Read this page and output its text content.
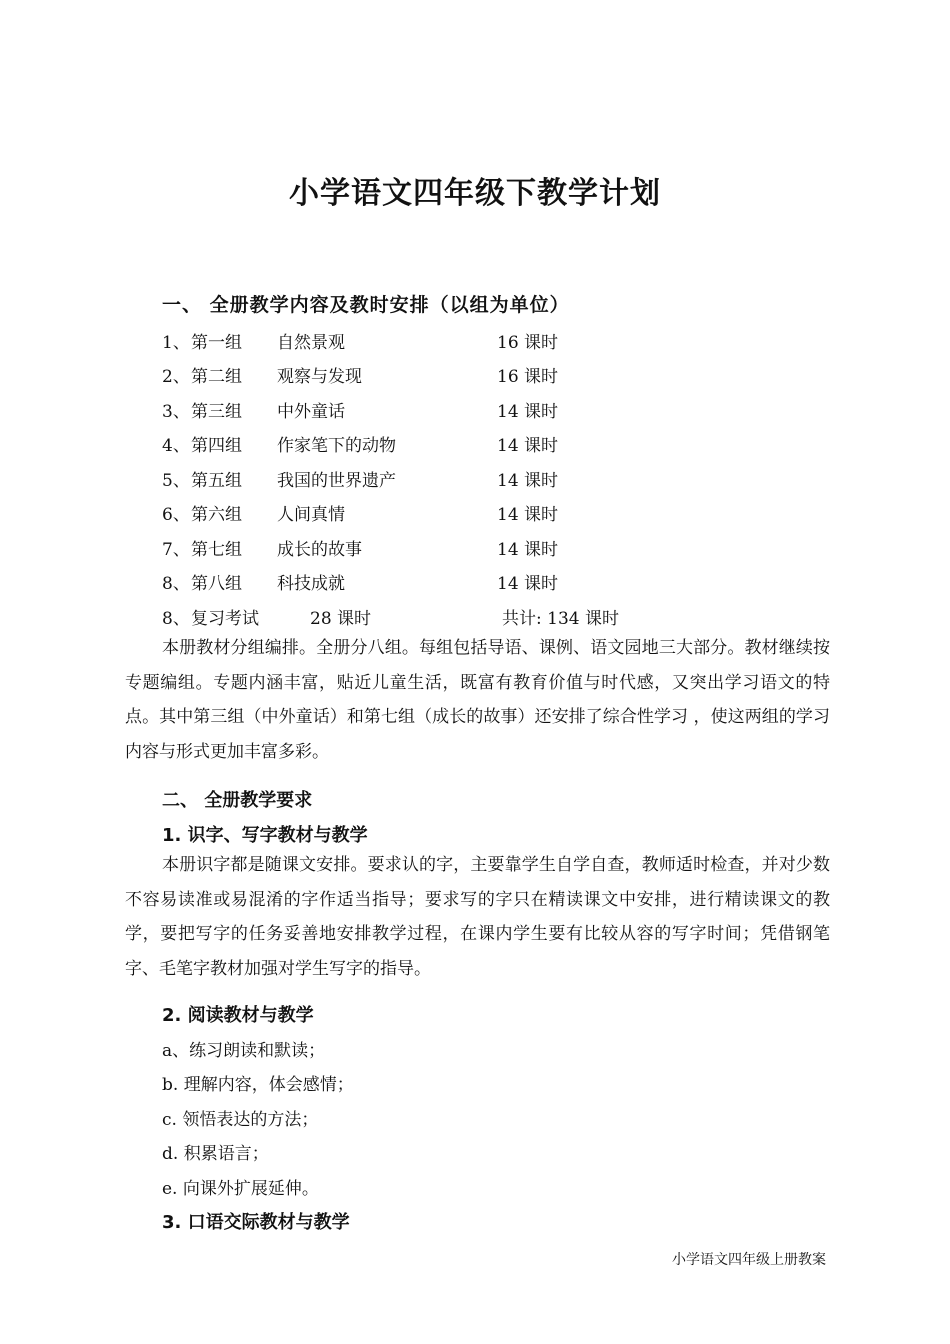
小学语文四年级下教学计划
一、 全册教学内容及教时安排（以组为单位）
1、 第一组 自然景观	16 课时
2、 第二组 观察与发现	16 课时
3、 第三组 中外童话	14 课时
4、 第四组 作家笔下的动物	14 课时
5、 第五组 我国的世界遗产	14 课时
6、 第六组 人间真情	14 课时
7、 第七组 成长的故事	14 课时
8、 第八组 科技成就	14 课时
8、 复习考试	28 课时	共计: 134 课时
本册教材分组编排。全册分八组。每组包括导语、课例、语文园地三大部分。教材继续按专题编组。专题内涵丰富，贴近儿童生活，既富有教育价值与时代感，又突出学习语文的特点。其中第三组（中外童话）和第七组（成长的故事）还安排了综合性学习 ，使这两组的学习内容与形式更加丰富多彩。
二、 全册教学要求
1. 识字、写字教材与教学
本册识字都是随课文安排。要求认的字，主要靠学生自学自查，教师适时检查，并对少数不容易读准或易混淆的字作适当指导；要求写的字只在精读课文中安排，进行精读课文的教学，要把写字的任务妥善地安排教学过程，在课内学生要有比较从容的写字时间；凭借钢笔字、毛笔字教材加强对学生写字的指导。
2. 阅读教材与教学
a、练习朗读和默读；
b. 理解内容，体会感情；
c. 领悟表达的方法；
d. 积累语言；
e. 向课外扩展延伸。
3. 口语交际教材与教学
小学语文四年级上册教案
